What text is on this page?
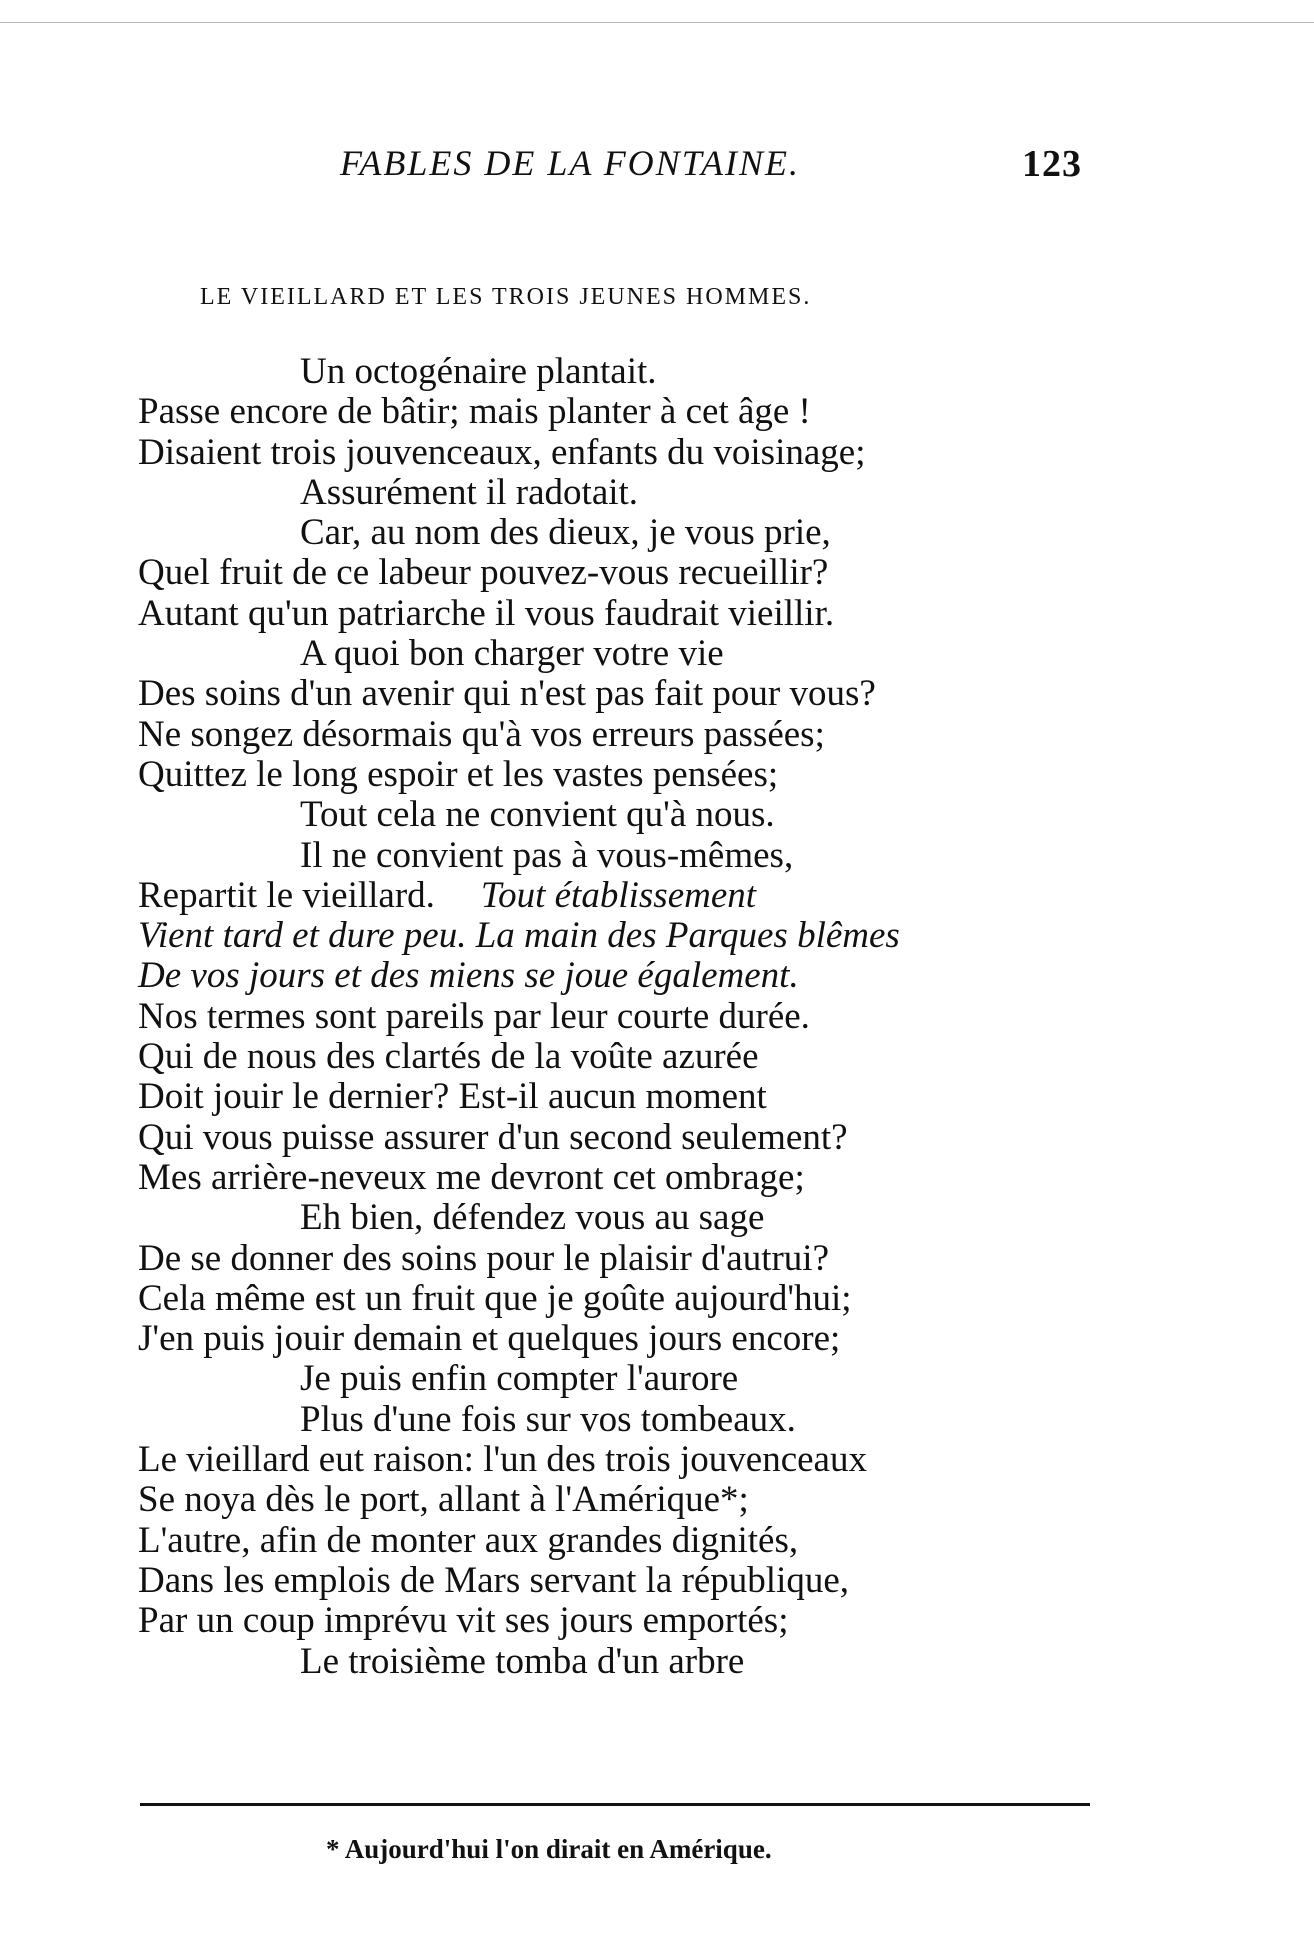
FABLES DE LA FONTAINE.	123
LE VIEILLARD ET LES TROIS JEUNES HOMMES.
Un octogénaire plantait.
Passe encore de bâtir; mais planter à cet âge !
Disaient trois jouvenceaux, enfants du voisinage;
Assurément il radotait.
Car, au nom des dieux, je vous prie,
Quel fruit de ce labeur pouvez-vous recueillir?
Autant qu'un patriarche il vous faudrait vieillir.
A quoi bon charger votre vie
Des soins d'un avenir qui n'est pas fait pour vous?
Ne songez désormais qu'à vos erreurs passées;
Quittez le long espoir et les vastes pensées;
Tout cela ne convient qu'à nous.
Il ne convient pas à vous-mêmes,
Repartit le vieillard. Tout établissement
Vient tard et dure peu. La main des Parques blêmes
De vos jours et des miens se joue également.
Nos termes sont pareils par leur courte durée.
Qui de nous des clartés de la voûte azurée
Doit jouir le dernier? Est-il aucun moment
Qui vous puisse assurer d'un second seulement?
Mes arrière-neveux me devront cet ombrage;
Eh bien, défendez vous au sage
De se donner des soins pour le plaisir d'autrui?
Cela même est un fruit que je goûte aujourd'hui;
J'en puis jouir demain et quelques jours encore;
Je puis enfin compter l'aurore
Plus d'une fois sur vos tombeaux.
Le vieillard eut raison: l'un des trois jouvenceaux
Se noya dès le port, allant à l'Amérique*;
L'autre, afin de monter aux grandes dignités,
Dans les emplois de Mars servant la république,
Par un coup imprévu vit ses jours emportés;
Le troisième tomba d'un arbre
* Aujourd'hui l'on dirait en Amérique.
